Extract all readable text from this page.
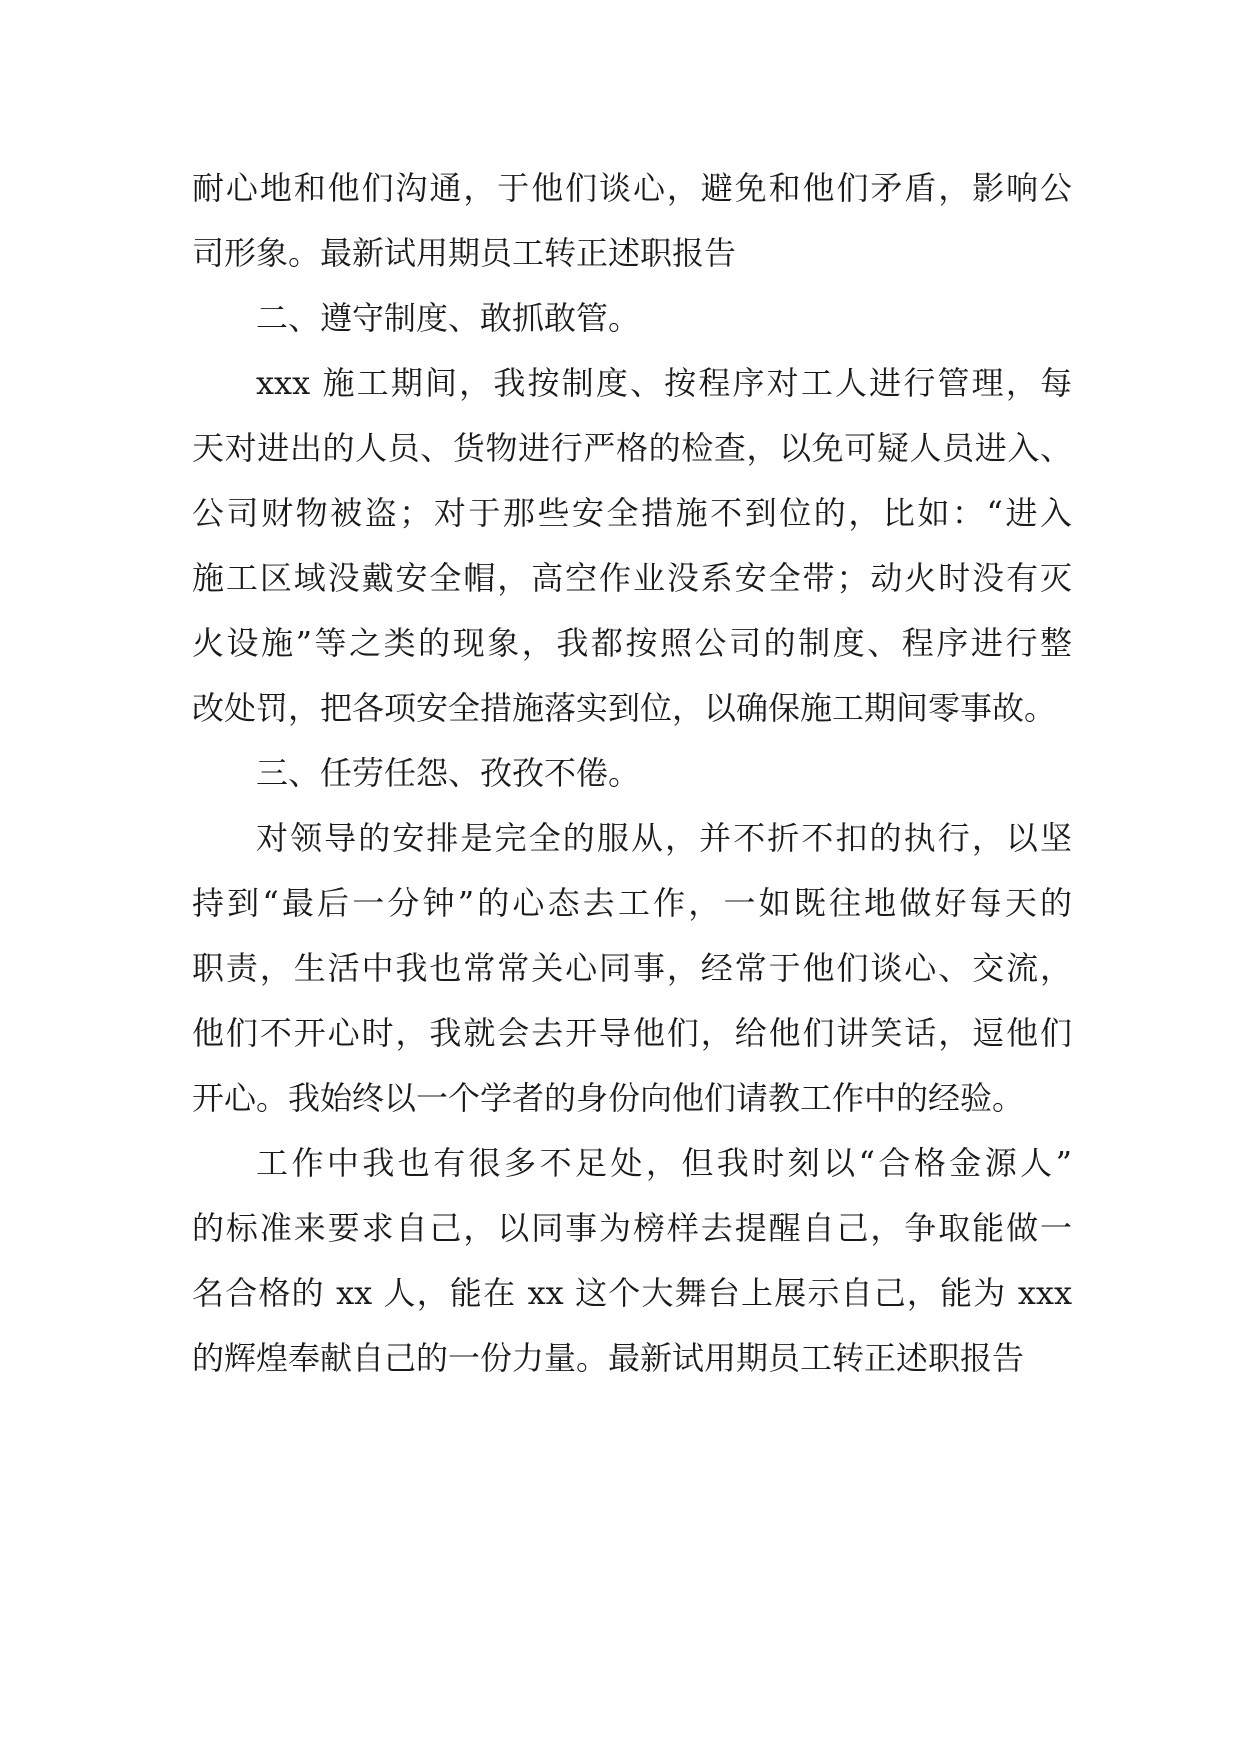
耐心地和他们沟通，于他们谈心，避免和他们矛盾，影响公
司形象。最新试用期员工转正述职报告
二、遵守制度、敢抓敢管。
xxx 施工期间，我按制度、按程序对工人进行管理，每
天对进出的人员、货物进行严格的检查，以免可疑人员进入、
公司财物被盗；对于那些安全措施不到位的，比如：“进入
施工区域没戴安全帽，高空作业没系安全带；动火时没有灭
火设施”等之类的现象，我都按照公司的制度、程序进行整
改处罚，把各项安全措施落实到位，以确保施工期间零事故。
三、任劳任怨、孜孜不倦。
对领导的安排是完全的服从，并不折不扣的执行，以坚
持到“最后一分钟”的心态去工作，一如既往地做好每天的
职责，生活中我也常常关心同事，经常于他们谈心、交流，
他们不开心时，我就会去开导他们，给他们讲笑话，逗他们
开心。我始终以一个学者的身份向他们请教工作中的经验。
工作中我也有很多不足处，但我时刻以“合格金源人”
的标准来要求自己，以同事为榜样去提醒自己，争取能做一
名合格的 xx 人，能在 xx 这个大舞台上展示自己，能为 xxx
的辉煌奉献自己的一份力量。最新试用期员工转正述职报告
